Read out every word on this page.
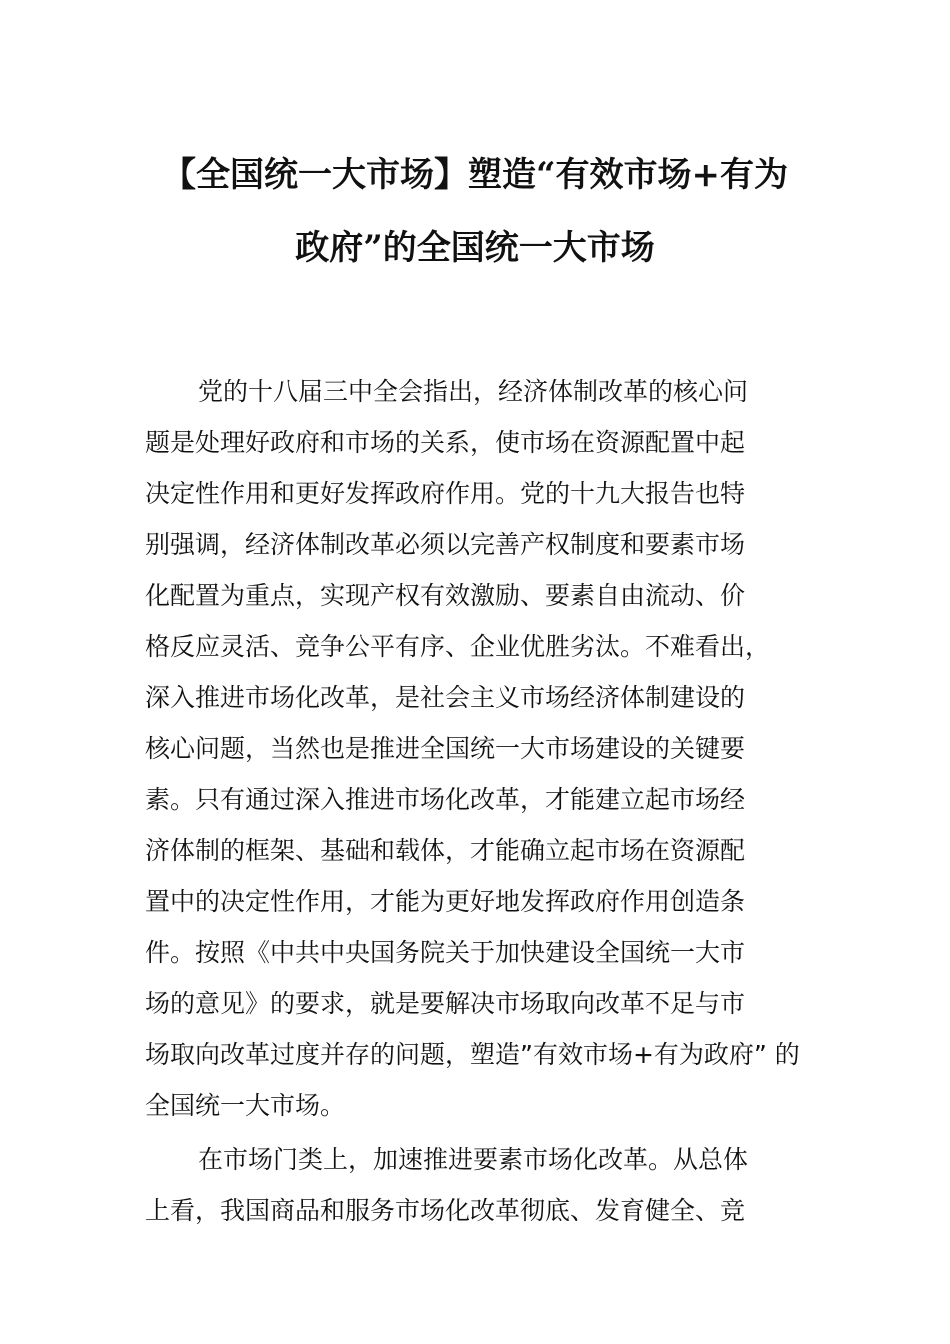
【全国统一大市场】塑造“有效市场+有为
政府”的全国统一大市场
党的十八届三中全会指出，经济体制改革的核心问
题是处理好政府和市场的关系，使市场在资源配置中起
决定性作用和更好发挥政府作用。党的十九大报告也特
别强调，经济体制改革必须以完善产权制度和要素市场
化配置为重点，实现产权有效激励、要素自由流动、价
格反应灵活、竞争公平有序、企业优胜劣汰。不难看出，
深入推进市场化改革，是社会主义市场经济体制建设的
核心问题，当然也是推进全国统一大市场建设的关键要
素。只有通过深入推进市场化改革，才能建立起市场经
济体制的框架、基础和载体，才能确立起市场在资源配
置中的决定性作用，才能为更好地发挥政府作用创造条
件。按照《中共中央国务院关于加快建设全国统一大市
场的意见》的要求，就是要解决市场取向改革不足与市
场取向改革过度并存的问题，塑造”有效市场+有为政府” 的
全国统一大市场。
在市场门类上，加速推进要素市场化改革。从总体
上看，我国商品和服务市场化改革彻底、发育健全、竞
